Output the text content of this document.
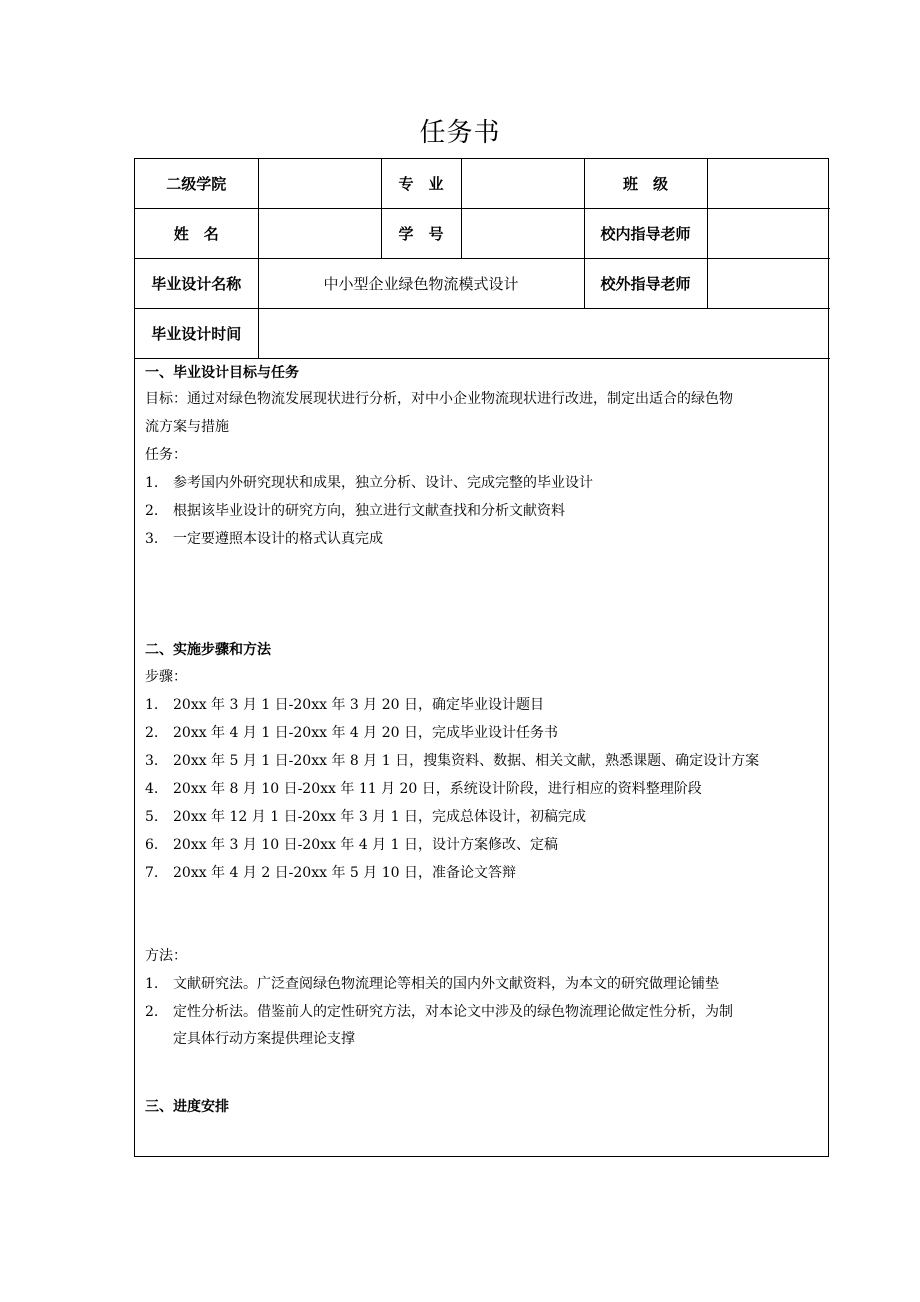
任务书
二级学院		专　业		班　级	
姓　名		学　号		校内指导老师	
毕业设计名称	中小型企业绿色物流模式设计			校外指导老师	
毕业设计时间					
一、毕业设计目标与任务
目标：通过对绿色物流发展现状进行分析，对中小企业物流现状进行改进，制定出适合的绿色物
流方案与措施
任务：
1. 参考国内外研究现状和成果，独立分析、设计、完成完整的毕业设计
2. 根据该毕业设计的研究方向，独立进行文献查找和分析文献资料
3. 一定要遵照本设计的格式认真完成
二、实施步骤和方法
步骤：
1. 20xx 年 3 月 1 日-20xx 年 3 月 20 日，确定毕业设计题目
2. 20xx 年 4 月 1 日-20xx 年 4 月 20 日，完成毕业设计任务书
3. 20xx 年 5 月 1 日-20xx 年 8 月 1 日，搜集资料、数据、相关文献，熟悉课题、确定设计方案
4. 20xx 年 8 月 10 日-20xx 年 11 月 20 日，系统设计阶段，进行相应的资料整理阶段
5. 20xx 年 12 月 1 日-20xx 年 3 月 1 日，完成总体设计，初稿完成
6. 20xx 年 3 月 10 日-20xx 年 4 月 1 日，设计方案修改、定稿
7. 20xx 年 4 月 2 日-20xx 年 5 月 10 日，准备论文答辩
方法：
1. 文献研究法。广泛查阅绿色物流理论等相关的国内外文献资料，为本文的研究做理论铺垫
2. 定性分析法。借鉴前人的定性研究方法，对本论文中涉及的绿色物流理论做定性分析，为制
定具体行动方案提供理论支撑
三、进度安排
